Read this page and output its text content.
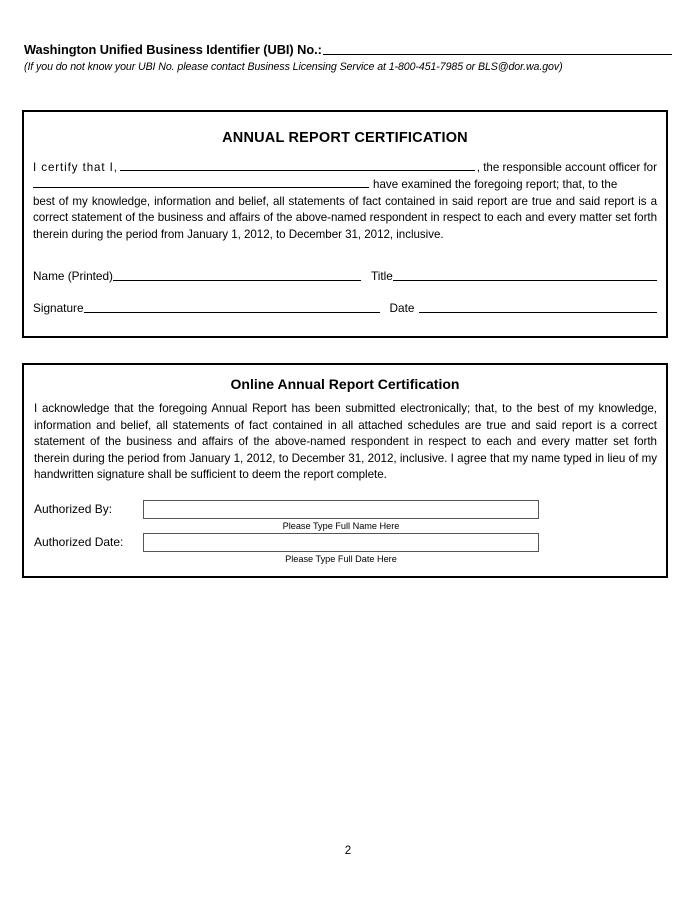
Washington Unified Business Identifier (UBI) No.:
(If you do not know your UBI No. please contact Business Licensing Service at 1-800-451-7985 or BLS@dor.wa.gov)
ANNUAL REPORT CERTIFICATION
I certify that I,	, the responsible account officer for
have examined the foregoing report; that, to the
best of my knowledge, information and belief, all statements of fact contained in said report are true and said report is a correct statement of the business and affairs of the above-named respondent in respect to each and every matter set forth therein during the period from January 1, 2012, to December 31, 2012, inclusive.
Name (Printed)	Title
Signature	Date
Online Annual Report Certification
I acknowledge that the foregoing Annual Report has been submitted electronically; that, to the best of my knowledge, information and belief, all statements of fact contained in all attached schedules are true and said report is a correct statement of the business and affairs of the above-named respondent in respect to each and every matter set forth therein during the period from January 1, 2012, to December 31, 2012, inclusive. I agree that my name typed in lieu of my handwritten signature shall be sufficient to deem the report complete.
Authorized By:
Please Type Full Name Here
Authorized Date:
Please Type Full Date Here
2
